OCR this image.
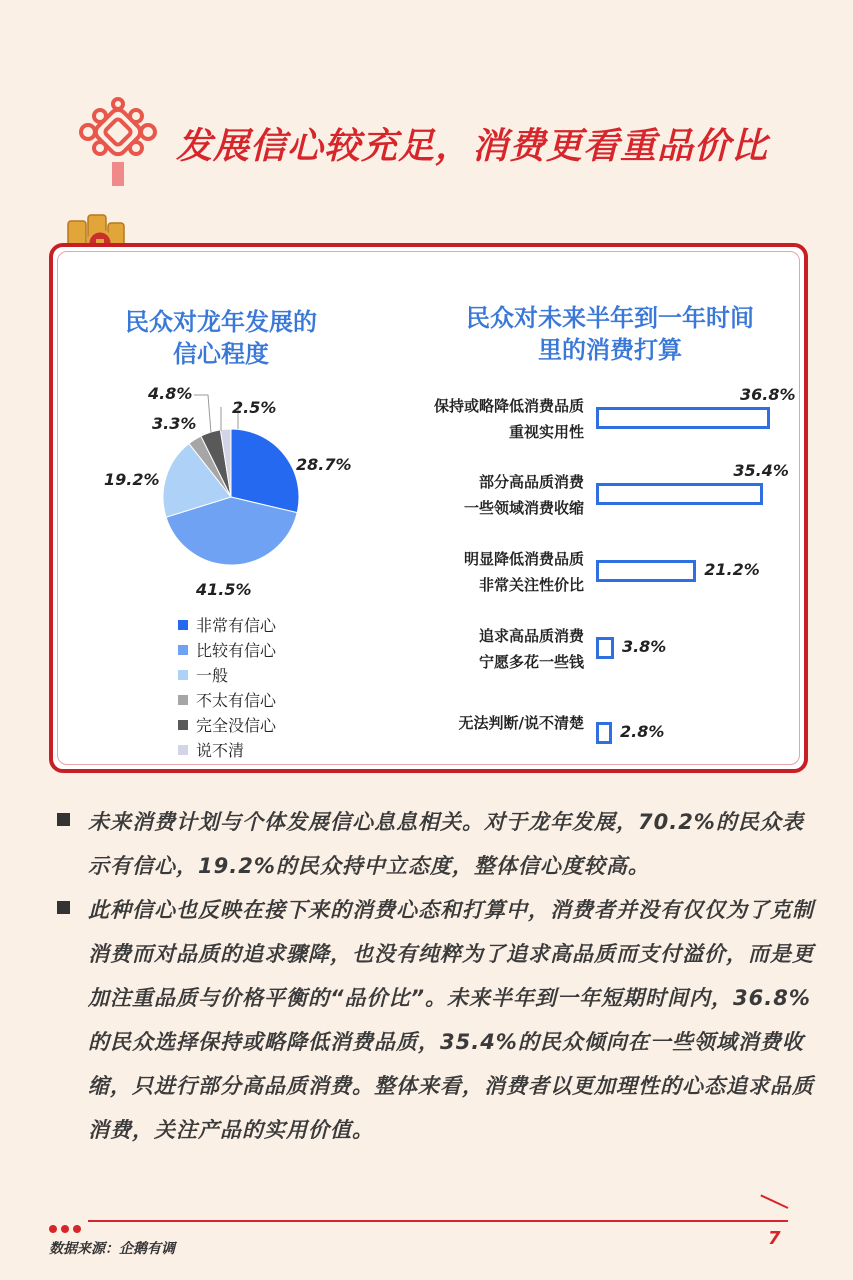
发展信心较充足，消费更看重品价比
民众对龙年发展的
信心程度
28.7%
41.5%
19.2%
3.3%
4.8%
2.5%
非常有信心
比较有信心
一般
不太有信心
完全没信心
说不清
民众对未来半年到一年时间
里的消费打算
保持或略降低消费品质
重视实用性
36.8%
部分高品质消费
一些领域消费收缩
35.4%
明显降低消费品质
非常关注性价比
21.2%
追求高品质消费
宁愿多花一些钱
3.8%
无法判断/说不清楚 2.8%
未来消费计划与个体发展信心息息相关。对于龙年发展，70.2%的民众表示有信心，19.2%的民众持中立态度，整体信心度较高。
此种信心也反映在接下来的消费心态和打算中，消费者并没有仅仅为了克制消费而对品质的追求骤降，也没有纯粹为了追求高品质而支付溢价，而是更加注重品质与价格平衡的“品价比”。未来半年到一年短期时间内，36.8%的民众选择保持或略降低消费品质，35.4%的民众倾向在一些领域消费收缩，只进行部分高品质消费。整体来看，消费者以更加理性的心态追求品质消费，关注产品的实用价值。
数据来源：企鹅有调	7
